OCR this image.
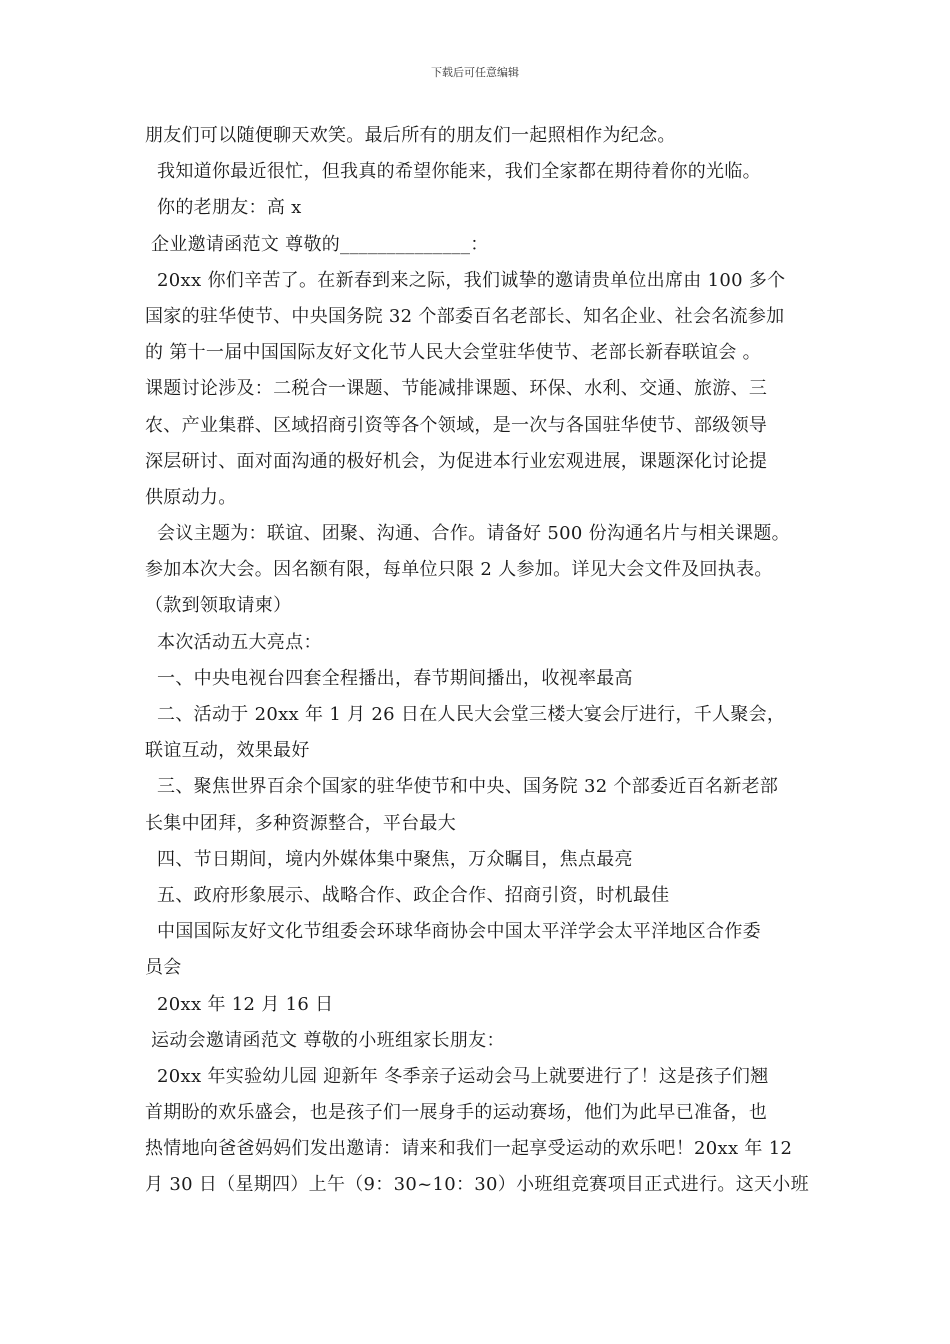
下载后可任意编辑
朋友们可以随便聊天欢笑。最后所有的朋友们一起照相作为纪念。
我知道你最近很忙，但我真的希望你能来，我们全家都在期待着你的光临。
你的老朋友：高 x
企业邀请函范文 尊敬的______________：
20xx 你们辛苦了。在新春到来之际，我们诚挚的邀请贵单位出席由 100 多个
国家的驻华使节、中央国务院 32 个部委百名老部长、知名企业、社会名流参加
的 第十一届中国国际友好文化节人民大会堂驻华使节、老部长新春联谊会 。
课题讨论涉及：二税合一课题、节能减排课题、环保、水利、交通、旅游、三
农、产业集群、区域招商引资等各个领域，是一次与各国驻华使节、部级领导
深层研讨、面对面沟通的极好机会，为促进本行业宏观进展，课题深化讨论提
供原动力。
会议主题为：联谊、团聚、沟通、合作。请备好 500 份沟通名片与相关课题。
参加本次大会。因名额有限，每单位只限 2 人参加。详见大会文件及回执表。
（款到领取请柬）
本次活动五大亮点：
一、中央电视台四套全程播出，春节期间播出，收视率最高
二、活动于 20xx 年 1 月 26 日在人民大会堂三楼大宴会厅进行，千人聚会，
联谊互动，效果最好
三、聚焦世界百余个国家的驻华使节和中央、国务院 32 个部委近百名新老部
长集中团拜，多种资源整合，平台最大
四、节日期间，境内外媒体集中聚焦，万众瞩目，焦点最亮
五、政府形象展示、战略合作、政企合作、招商引资，时机最佳
中国国际友好文化节组委会环球华商协会中国太平洋学会太平洋地区合作委
员会
20xx 年 12 月 16 日
运动会邀请函范文 尊敬的小班组家长朋友：
20xx 年实验幼儿园 迎新年 冬季亲子运动会马上就要进行了！这是孩子们翘
首期盼的欢乐盛会，也是孩子们一展身手的运动赛场，他们为此早已准备，也
热情地向爸爸妈妈们发出邀请：请来和我们一起享受运动的欢乐吧！20xx 年 12
月 30 日（星期四）上午（9：30~10：30）小班组竞赛项目正式进行。这天小班
